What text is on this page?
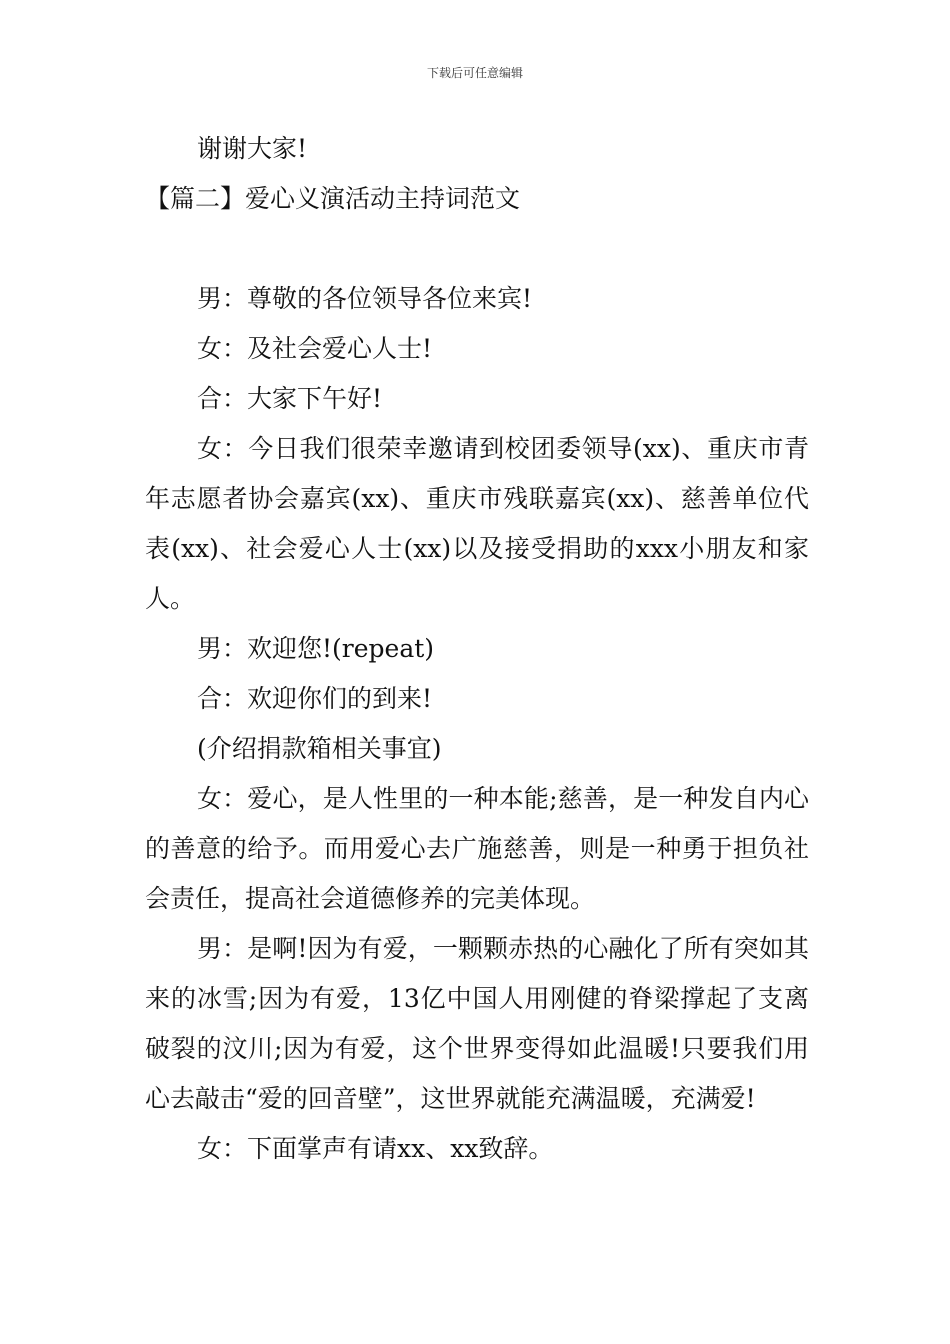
下载后可任意编辑

谢谢大家!

【篇二】爱心义演活动主持词范文

男：尊敬的各位领导各位来宾!

女：及社会爱心人士!

合：大家下午好!

女：今日我们很荣幸邀请到校团委领导(xx)、重庆市青年志愿者协会嘉宾(xx)、重庆市残联嘉宾(xx)、慈善单位代表(xx)、社会爱心人士(xx)以及接受捐助的xxx小朋友和家人。

男：欢迎您!(repeat)

合：欢迎你们的到来!

(介绍捐款箱相关事宜)

女：爱心，是人性里的一种本能;慈善，是一种发自内心的善意的给予。而用爱心去广施慈善，则是一种勇于担负社会责任，提高社会道德修养的完美体现。

男：是啊!因为有爱，一颗颗赤热的心融化了所有突如其来的冰雪;因为有爱，13亿中国人用刚健的脊梁撑起了支离破裂的汶川;因为有爱，这个世界变得如此温暖!只要我们用心去敲击“爱的回音壁”，这世界就能充满温暖，充满爱!

女：下面掌声有请xx、xx致辞。
